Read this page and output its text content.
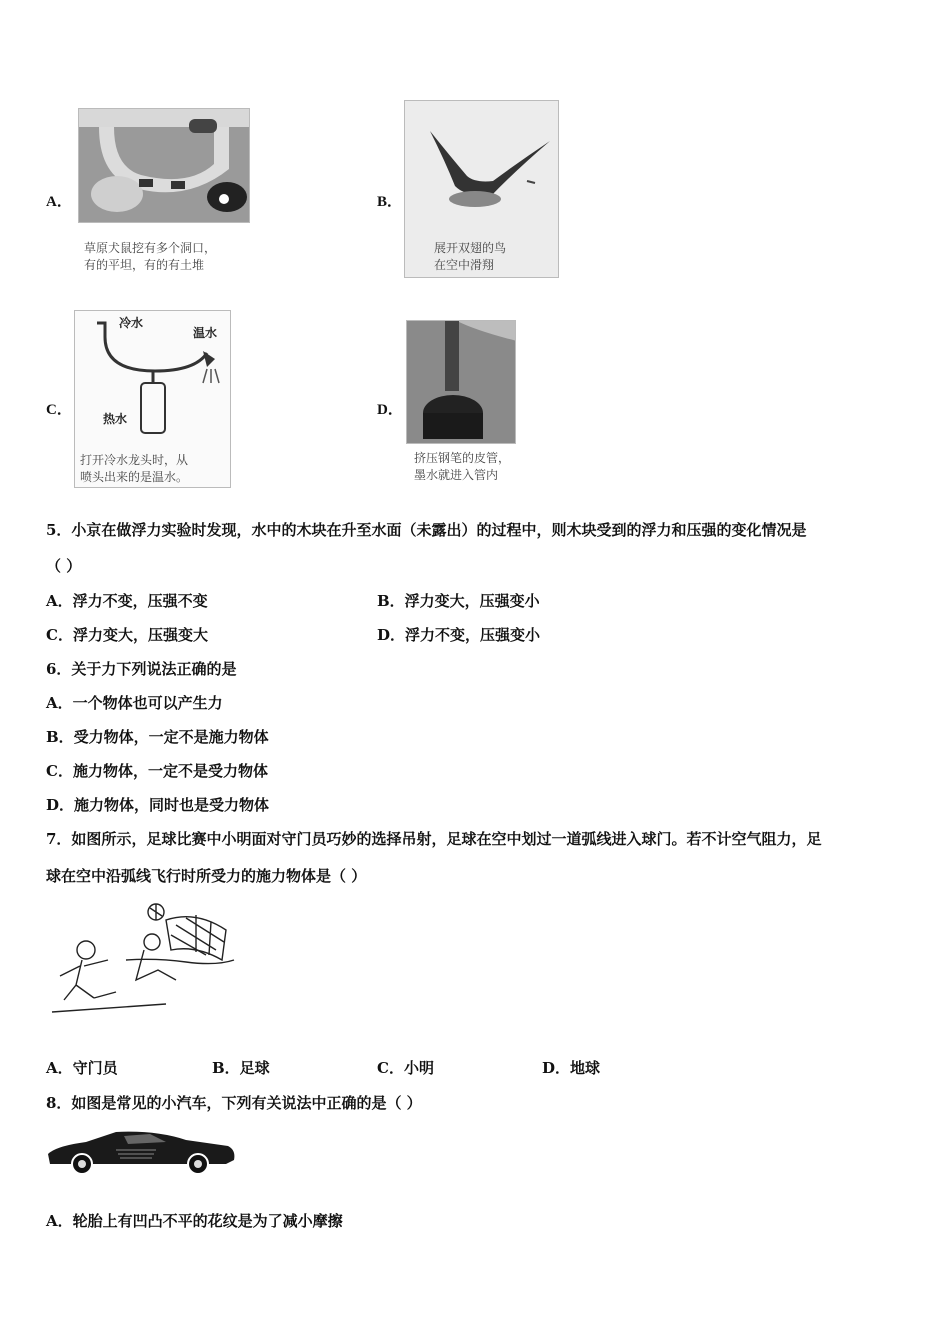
A．
草原犬鼠挖有多个洞口，
有的平坦，有的有土堆
B．
展开双翅的鸟
在空中滑翔
C．
冷水
温水
热水
打开冷水龙头时，从
喷头出来的是温水。
D．
挤压钢笔的皮管，
墨水就进入管内
5．小京在做浮力实验时发现，水中的木块在升至水面（未露出）的过程中，则木块受到的浮力和压强的变化情况是
（ ）
A．浮力不变，压强不变	B．浮力变大，压强变小
C．浮力变大，压强变大	D．浮力不变，压强变小
6．关于力下列说法正确的是
A．一个物体也可以产生力
B．受力物体，一定不是施力物体
C．施力物体，一定不是受力物体
D．施力物体，同时也是受力物体
7．如图所示，足球比赛中小明面对守门员巧妙的选择吊射，足球在空中划过一道弧线进入球门。若不计空气阻力，足
球在空中沿弧线飞行时所受力的施力物体是（ ）
A．守门员	B．足球	C．小明	D．地球
8．如图是常见的小汽车，下列有关说法中正确的是（ ）
A．轮胎上有凹凸不平的花纹是为了减小摩擦
